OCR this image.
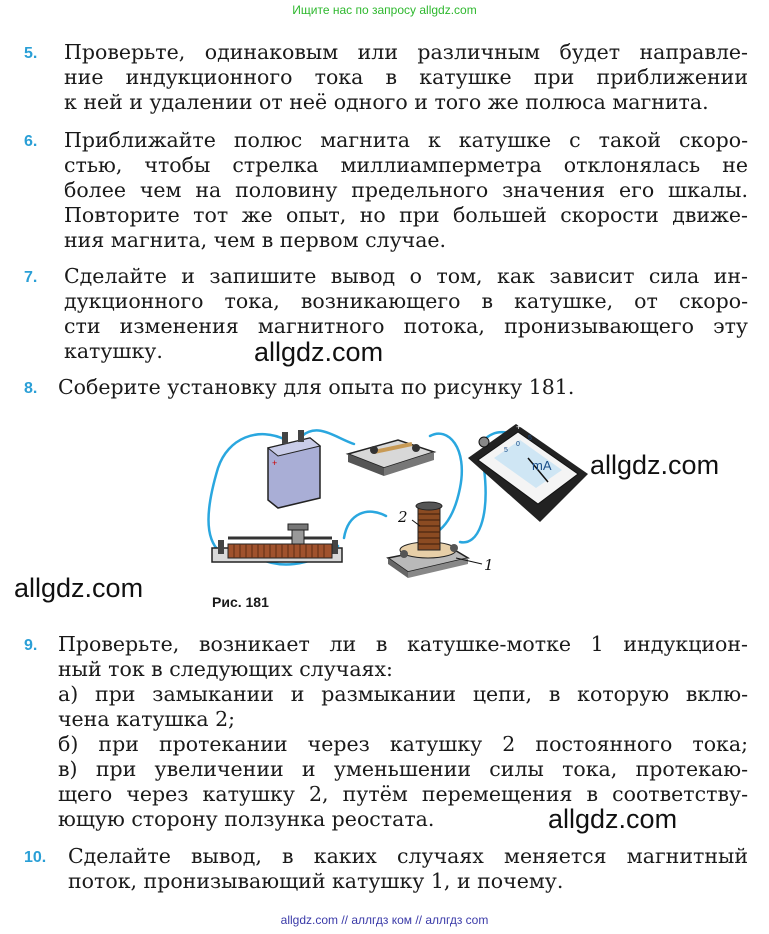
Ищите нас по запросу allgdz.com
5.	Проверьте, одинаковым или различным будет направле-
ние индукционного тока в катушке при приближении
к ней и удалении от неё одного и того же полюса магнита.
6.	Приближайте полюс магнита к катушке с такой скоро-
стью, чтобы стрелка миллиамперметра отклонялась не
более чем на половину предельного значения его шкалы.
Повторите тот же опыт, но при большей скорости движе-
ния магнита, чем в первом случае.
7.	Сделайте и запишите вывод о том, как зависит сила ин-
дукционного тока, возникающего в катушке, от скоро-
сти изменения магнитного потока, пронизывающего эту
катушку.
8.	Соберите установку для опыта по рисунку 181.
+	mA
5
0
5
+
2
1
Рис. 181
9.	Проверьте, возникает ли в катушке-мотке 1 индукцион-
ный ток в следующих случаях:
а) при замыкании и размыкании цепи, в которую вклю-
чена катушка 2;
б) при протекании через катушку 2 постоянного тока;
в) при увеличении и уменьшении силы тока, протекаю-
щего через катушку 2, путём перемещения в соответству-
ющую сторону ползунка реостата.
10.	Сделайте вывод, в каких случаях меняется магнитный
поток, пронизывающий катушку 1, и почему.
allgdz.com
allgdz.com
allgdz.com
allgdz.com
allgdz.com // аллгдз ком // аллгдз com
